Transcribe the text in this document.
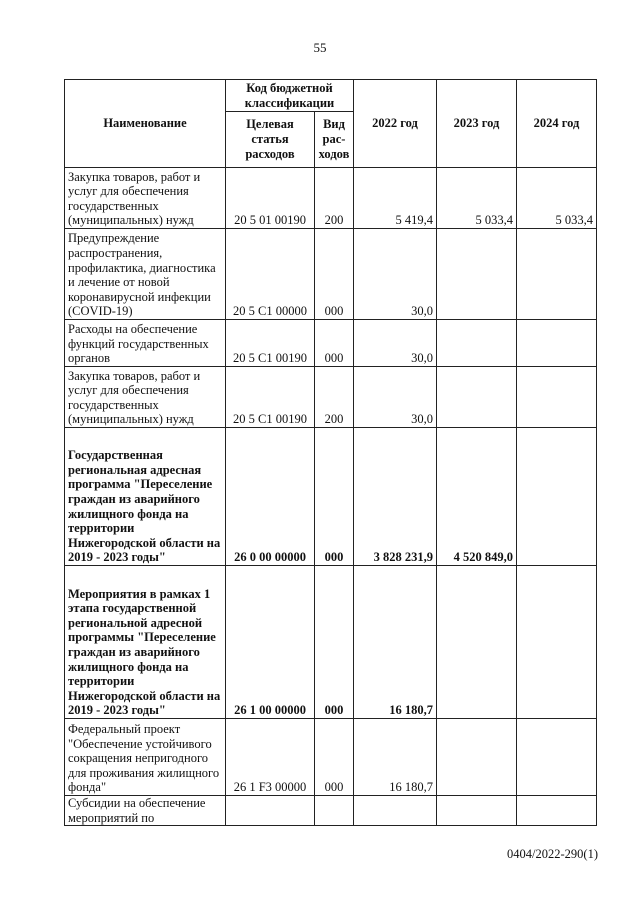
55
Наименование	Код бюджетной классификации		2022 год	2023 год	2024 год
	Целевая статья расходов	Вид рас-ходов			
Закупка товаров, работ и услуг для обеспечения государственных (муниципальных) нужд	20 5 01 00190	200	5 419,4	5 033,4	5 033,4
Предупреждение распространения, профилактика, диагностика и лечение от новой коронавирусной инфекции (COVID-19)	20 5 C1 00000	000	30,0		
Расходы на обеспечение функций государственных органов	20 5 C1 00190	000	30,0		
Закупка товаров, работ и услуг для обеспечения государственных (муниципальных) нужд	20 5 C1 00190	200	30,0		
Государственная региональная адресная программа "Переселение граждан из аварийного жилищного фонда на территории Нижегородской области на 2019 - 2023 годы"	26 0 00 00000	000	3 828 231,9	4 520 849,0	
Мероприятия в рамках 1 этапа государственной региональной адресной программы "Переселение граждан из аварийного жилищного фонда на территории Нижегородской области на 2019 - 2023 годы"	26 1 00 00000	000	16 180,7		
Федеральный проект "Обеспечение устойчивого сокращения непригодного для проживания жилищного фонда"	26 1 F3 00000	000	16 180,7		
Субсидии на обеспечение мероприятий по					
0404/2022-290(1)
